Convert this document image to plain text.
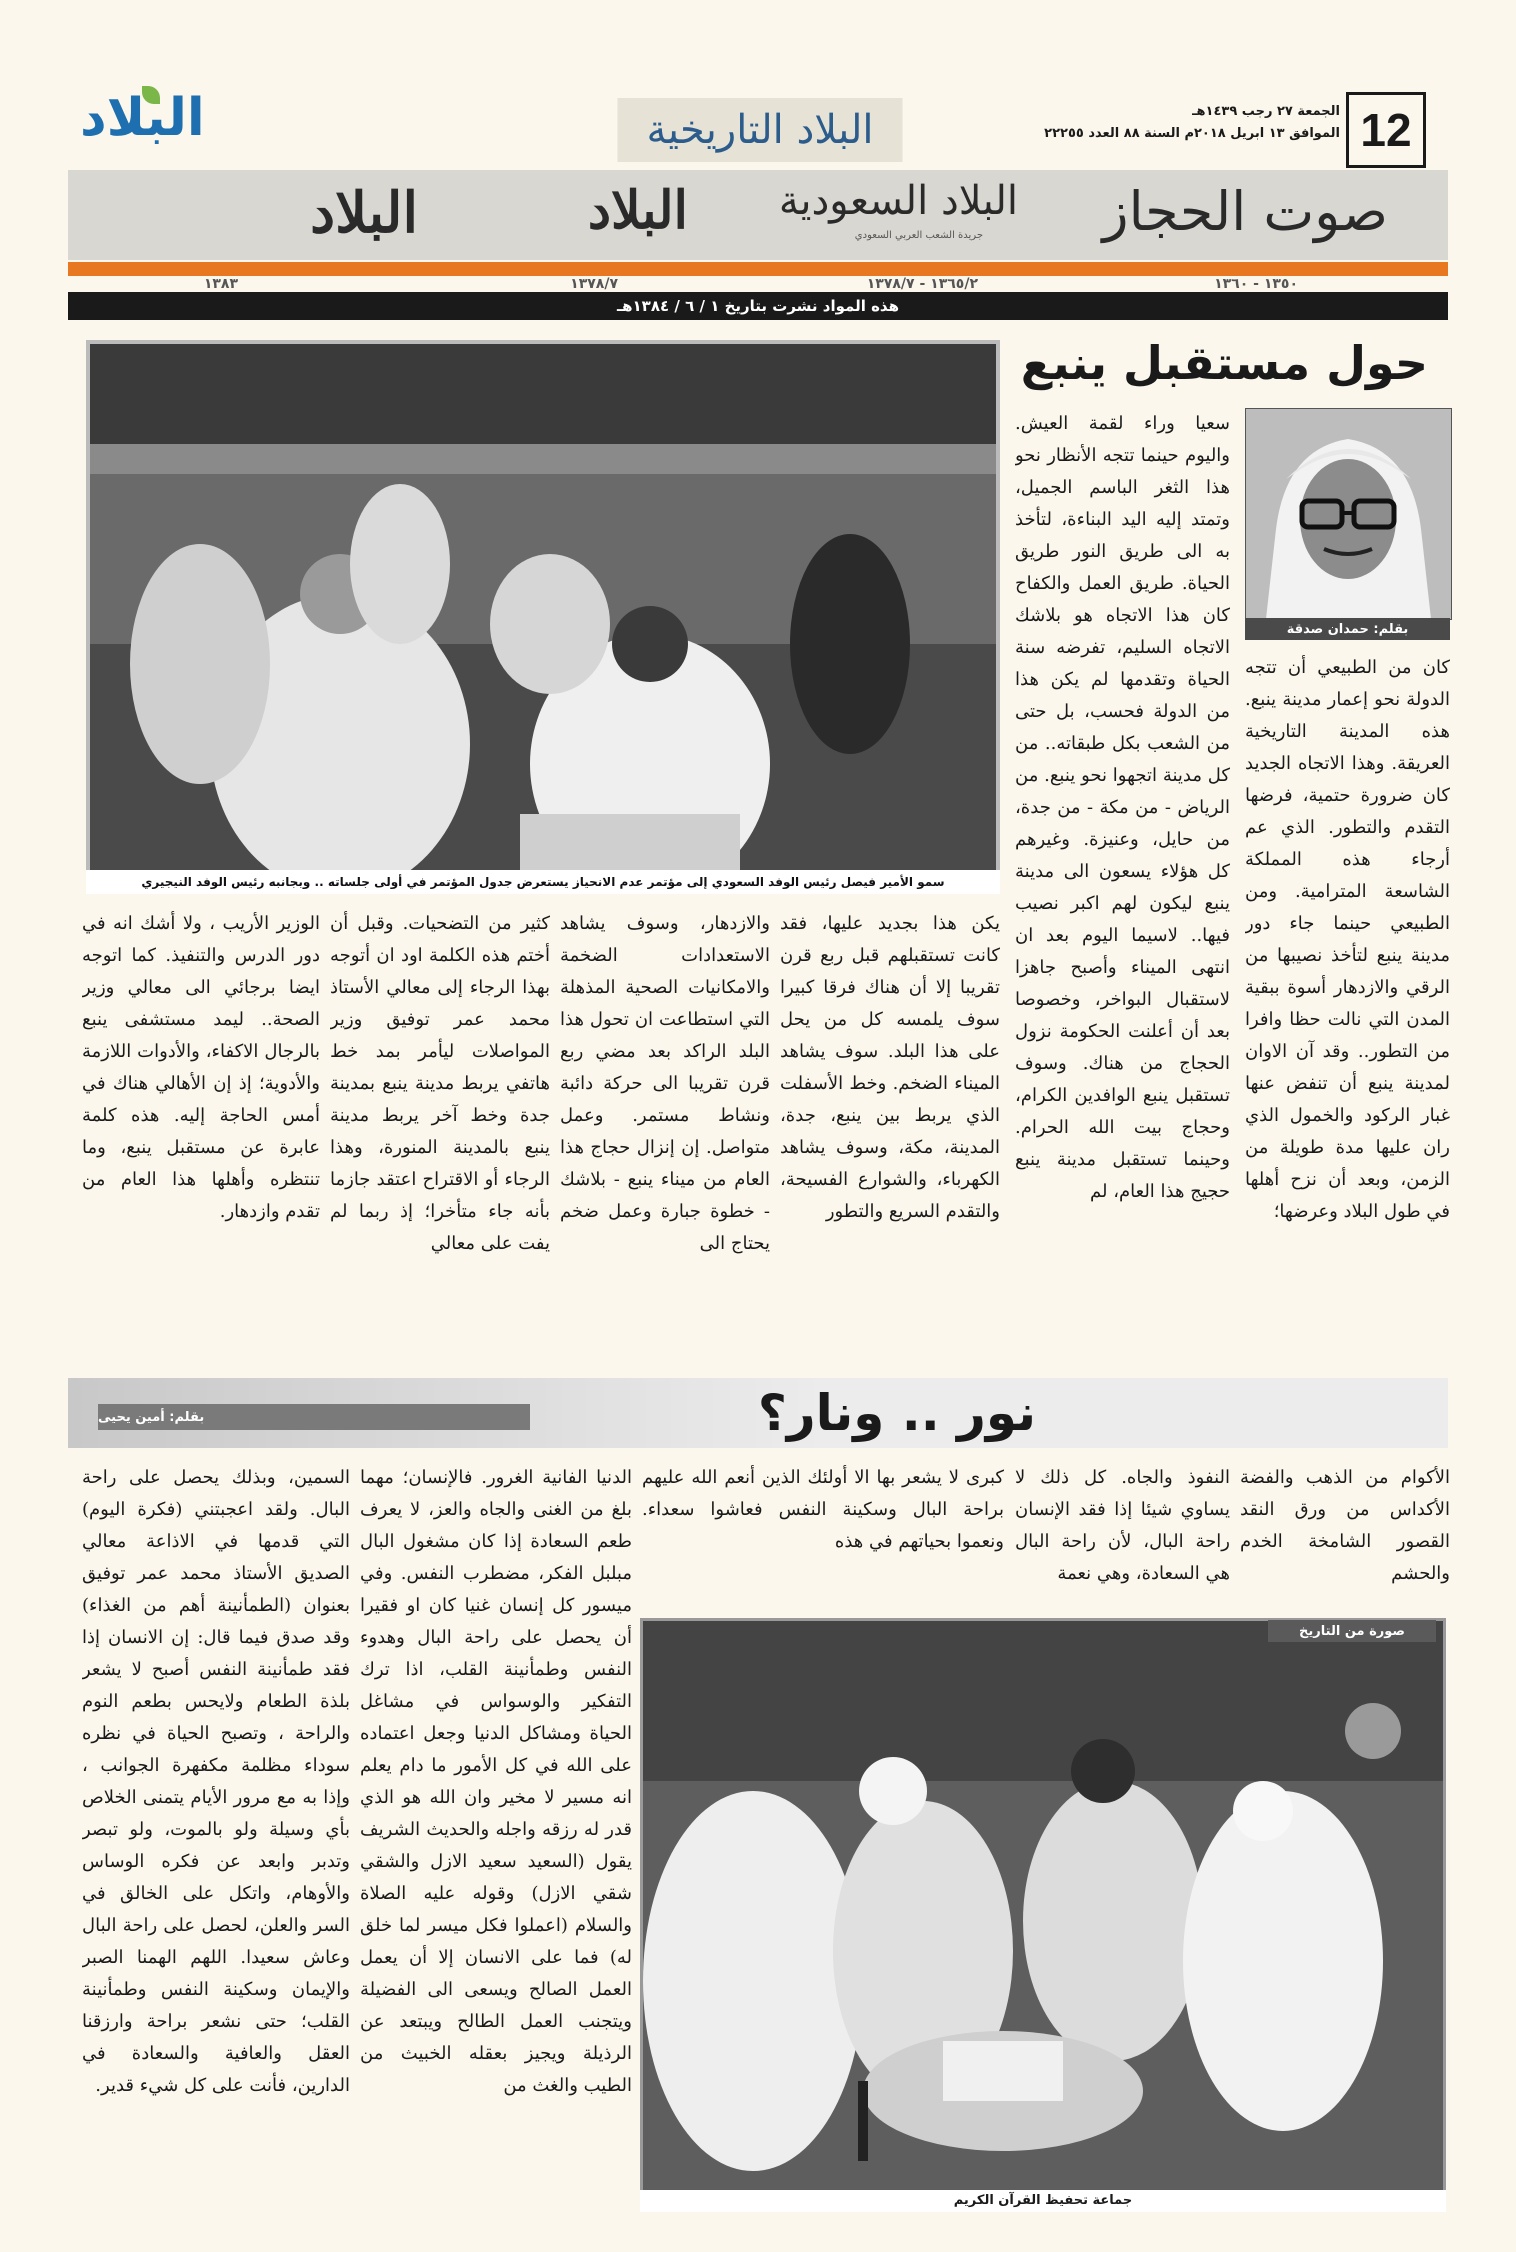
12
الجمعة ٢٧ رجب ١٤٣٩هـ
الموافق ١٣ ابريل ٢٠١٨م السنة ٨٨ العدد ٢٢٢٥٥
البلاد التاريخية
البلاد
صوت الحجاز
البلاد السعودية
جريدة الشعب العربي السعودي
البلاد
البلاد
١٣٥٠ - ١٣٦٠
١٣٦٥/٢ - ١٣٧٨/٧
١٣٧٨/٧
١٣٨٣
هذه المواد نشرت بتاريخ ١ / ٦ / ١٣٨٤هـ
حول مستقبل ينبع
بقلم: حمدان صدقة
سمو الأمير فيصل رئيس الوفد السعودي إلى مؤتمر عدم الانحياز يستعرض جدول المؤتمر في أولى جلساته .. وبجانبه رئيس الوفد النيجيري

كان من الطبيعي أن تتجه الدولة نحو إعمار مدينة ينبع. هذه المدينة التاريخية العريقة. وهذا الاتجاه الجديد كان ضرورة حتمية، فرضها التقدم والتطور. الذي عم أرجاء هذه المملكة الشاسعة المترامية. ومن الطبيعي حينما جاء دور مدينة ينبع لتأخذ نصيبها من الرقي والازدهار أسوة ببقية المدن التي نالت حظا وافرا من التطور.. وقد آن الاوان لمدينة ينبع أن تنفض عنها غبار الركود والخمول الذي ران عليها مدة طويلة من الزمن، وبعد أن نزح أهلها في طول البلاد وعرضها؛

سعيا وراء لقمة العيش. واليوم حينما تتجه الأنظار نحو هذا الثغر الباسم الجميل، وتمتد إليه اليد البناءة، لتأخذ به الى طريق النور طريق الحياة. طريق العمل والكفاح كان هذا الاتجاه هو بلاشك الاتجاه السليم، تفرضه سنة الحياة وتقدمها لم يكن هذا من الدولة فحسب، بل حتى من الشعب بكل طبقاته.. من كل مدينة اتجهوا نحو ينبع. من الرياض - من مكة - من جدة، من حايل، وعنيزة. وغيرهم كل هؤلاء يسعون الى مدينة ينبع ليكون لهم اكبر نصيب فيها.. لاسيما اليوم بعد ان انتهى الميناء وأصبح جاهزا لاستقبال البواخر، وخصوصا بعد أن أعلنت الحكومة نزول الحجاج من هناك. وسوف تستقبل ينبع الوافدين الكرام، وحجاج بيت الله الحرام. وحينما تستقبل مدينة ينبع حجيج هذا العام، لم

يكن هذا بجديد عليها، فقد كانت تستقبلهم قبل ربع قرن تقريبا إلا أن هناك فرقا كبيرا سوف يلمسه كل من يحل على هذا البلد. سوف يشاهد الميناء الضخم. وخط الأسفلت الذي يربط بين ينبع، جدة، المدينة، مكة، وسوف يشاهد الكهرباء، والشوارع الفسيحة، والتقدم السريع والتطور

والازدهار، وسوف يشاهد الاستعدادات الضخمة والامكانيات الصحية المذهلة التي استطاعت ان تحول هذا البلد الراكد بعد مضي ربع قرن تقريبا الى حركة دائبة ونشاط مستمر. وعمل متواصل. إن إنزال حجاج هذا العام من ميناء ينبع - بلاشك - خطوة جبارة وعمل ضخم يحتاج الى

كثير من التضحيات. وقبل أن أختم هذه الكلمة اود ان أتوجه بهذا الرجاء إلى معالي الأستاذ محمد عمر توفيق وزير المواصلات ليأمر بمد خط هاتفي يربط مدينة ينبع بمدينة جدة وخط آخر يربط مدينة ينبع بالمدينة المنورة، وهذا الرجاء أو الاقتراح اعتقد جازما بأنه جاء متأخرا؛ إذ ربما لم يفت على معالي

الوزير الأريب ، ولا أشك انه في دور الدرس والتنفيذ. كما اتوجه ايضا برجائي الى معالي وزير الصحة.. ليمد مستشفى ينبع بالرجال الاكفاء، والأدوات اللازمة والأدوية؛ إذ إن الأهالي هناك في أمس الحاجة إليه. هذه كلمة عابرة عن مستقبل ينبع، وما تنتظره وأهلها هذا العام من تقدم وازدهار.

نور .. ونار؟
بقلم: أمين يحيى

الأكوام من الذهب والفضة الأكداس من ورق النقد القصور الشامخة الخدم والحشم

النفوذ والجاه. كل ذلك لا يساوي شيئا إذا فقد الإنسان راحة البال، لأن راحة البال هي السعادة، وهي نعمة

كبرى لا يشعر بها الا أولئك الذين أنعم الله عليهم براحة البال وسكينة النفس فعاشوا سعداء. ونعموا بحياتهم في هذه

الدنيا الفانية الغرور. فالإنسان؛ مهما بلغ من الغنى والجاه والعز، لا يعرف طعم السعادة إذا كان مشغول البال مبلبل الفكر، مضطرب النفس. وفي ميسور كل إنسان غنيا كان او فقيرا أن يحصل على راحة البال وهدوء النفس وطمأنينة القلب، اذا ترك التفكير والوسواس في مشاغل الحياة ومشاكل الدنيا وجعل اعتماده على الله في كل الأمور ما دام يعلم انه مسير لا مخير وان الله هو الذي قدر له رزقه واجله والحديث الشريف يقول (السعيد سعيد الازل والشقي شقي الازل) وقوله عليه الصلاة والسلام (اعملوا فكل ميسر لما خلق له) فما على الانسان إلا أن يعمل العمل الصالح ويسعى الى الفضيلة ويتجنب العمل الطالح ويبتعد عن الرذيلة ويجيز بعقله الخبيث من الطيب والغث من

السمين، وبذلك يحصل على راحة البال. ولقد اعجبتني (فكرة اليوم) التي قدمها في الاذاعة معالي الصديق الأستاذ محمد عمر توفيق بعنوان (الطمأنينة أهم من الغذاء) وقد صدق فيما قال: إن الانسان إذا فقد طمأنينة النفس أصبح لا يشعر بلذة الطعام ولايحس بطعم النوم والراحة ، وتصبح الحياة في نظره سوداء مظلمة مكفهرة الجوانب ، وإذا به مع مرور الأيام يتمنى الخلاص بأي وسيلة ولو بالموت، ولو تبصر وتدبر وابعد عن فكره الوساس والأوهام، واتكل على الخالق في السر والعلن، لحصل على راحة البال وعاش سعيدا. اللهم الهمنا الصبر والإيمان وسكينة النفس وطمأنينة القلب؛ حتى نشعر براحة وارزقنا العقل والعافية والسعادة في الدارين، فأنت على كل شيء قدير.

صورة من التاريخ
جماعة تحفيظ القرآن الكريم
